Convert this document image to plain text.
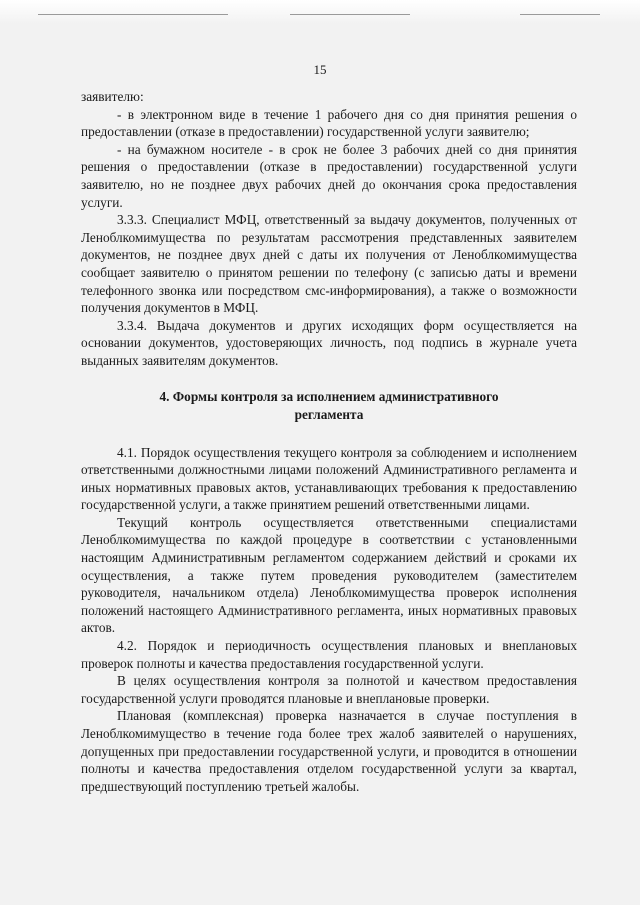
15

заявителю:

- в электронном виде в течение 1 рабочего дня со дня принятия решения о предоставлении (отказе в предоставлении) государственной услуги заявителю;

- на бумажном носителе - в срок не более 3 рабочих дней со дня принятия решения о предоставлении (отказе в предоставлении) государственной услуги заявителю, но не позднее двух рабочих дней до окончания срока предоставления услуги.

3.3.3. Специалист МФЦ, ответственный за выдачу документов, полученных от Леноблкомимущества по результатам рассмотрения представленных заявителем документов, не позднее двух дней с даты их получения от Леноблкомимущества сообщает заявителю о принятом решении по телефону (с записью даты и времени телефонного звонка или посредством смс-информирования), а также о возможности получения документов в МФЦ.

3.3.4. Выдача документов и других исходящих форм осуществляется на основании документов, удостоверяющих личность, под подпись в журнале учета выданных заявителям документов.

4. Формы контроля за исполнением административного
регламента

4.1. Порядок осуществления текущего контроля за соблюдением и исполнением ответственными должностными лицами положений Административного регламента и иных нормативных правовых актов, устанавливающих требования к предоставлению государственной услуги, а также принятием решений ответственными лицами.

Текущий контроль осуществляется ответственными специалистами Леноблкомимущества по каждой процедуре в соответствии с установленными настоящим Административным регламентом содержанием действий и сроками их осуществления, а также путем проведения руководителем (заместителем руководителя, начальником отдела) Леноблкомимущества проверок исполнения положений настоящего Административного регламента, иных нормативных правовых актов.

4.2. Порядок и периодичность осуществления плановых и внеплановых проверок полноты и качества предоставления государственной услуги.

В целях осуществления контроля за полнотой и качеством предоставления государственной услуги проводятся плановые и внеплановые проверки.

Плановая (комплексная) проверка назначается в случае поступления в Леноблкомимущество в течение года более трех жалоб заявителей о нарушениях, допущенных при предоставлении государственной услуги, и проводится в отношении полноты и качества предоставления отделом государственной услуги за квартал, предшествующий поступлению третьей жалобы.
